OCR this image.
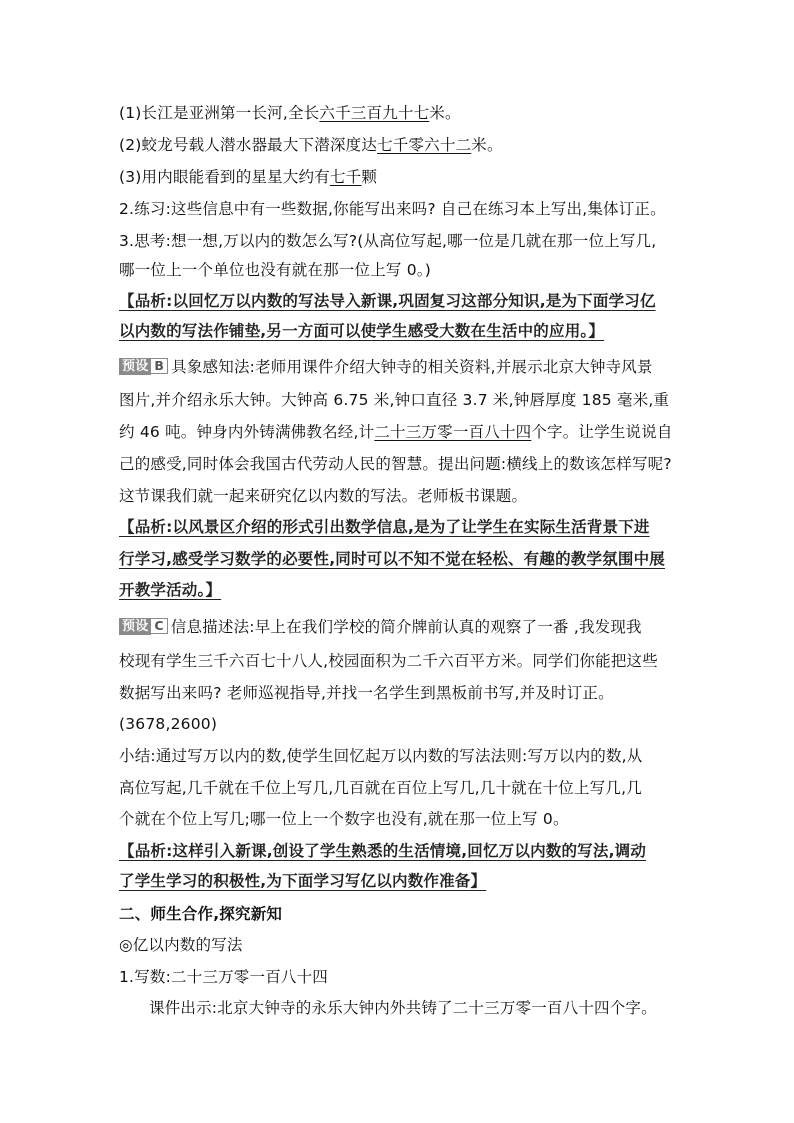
(1)长江是亚洲第一长河,全长六千三百九十七米。
(2)蛟龙号载人潜水器最大下潜深度达七千零六十二米。
(3)用内眼能看到的星星大约有七千颗
2.练习:这些信息中有一些数据,你能写出来吗? 自己在练习本上写出,集体订正。
3.思考:想一想,万以内的数怎么写?(从高位写起,哪一位是几就在那一位上写几,
哪一位上一个单位也没有就在那一位上写 0。)
【品析:以回忆万以内数的写法导入新课,巩固复习这部分知识,是为下面学习亿
以内数的写法作铺垫,另一方面可以使学生感受大数在生活中的应用。】
预设 B 具象感知法:老师用课件介绍大钟寺的相关资料,并展示北京大钟寺风景
图片,并介绍永乐大钟。大钟高 6.75 米,钟口直径 3.7 米,钟唇厚度 185 毫米,重
约 46 吨。钟身内外铸满佛教名经,计二十三万零一百八十四个字。让学生说说自
己的感受,同时体会我国古代劳动人民的智慧。提出问题:横线上的数该怎样写呢?
这节课我们就一起来研究亿以内数的写法。老师板书课题。
【品析:以风景区介绍的形式引出数学信息,是为了让学生在实际生活背景下进
行学习,感受学习数学的必要性,同时可以不知不觉在轻松、有趣的教学氛围中展
开教学活动。】
预设 C 信息描述法:早上在我们学校的简介牌前认真的观察了一番 ,我发现我
校现有学生三千六百七十八人,校园面积为二千六百平方米。同学们你能把这些
数据写出来吗? 老师巡视指导,并找一名学生到黑板前书写,并及时订正。
(3678,2600)
小结:通过写万以内的数,使学生回忆起万以内数的写法法则:写万以内的数,从
高位写起,几千就在千位上写几,几百就在百位上写几,几十就在十位上写几,几
个就在个位上写几;哪一位上一个数字也没有,就在那一位上写 0。
【品析:这样引入新课,创设了学生熟悉的生活情境,回忆万以内数的写法,调动
了学生学习的积极性,为下面学习写亿以内数作准备】
二、师生合作,探究新知
◎亿以内数的写法
1.写数:二十三万零一百八十四
课件出示:北京大钟寺的永乐大钟内外共铸了二十三万零一百八十四个字。
